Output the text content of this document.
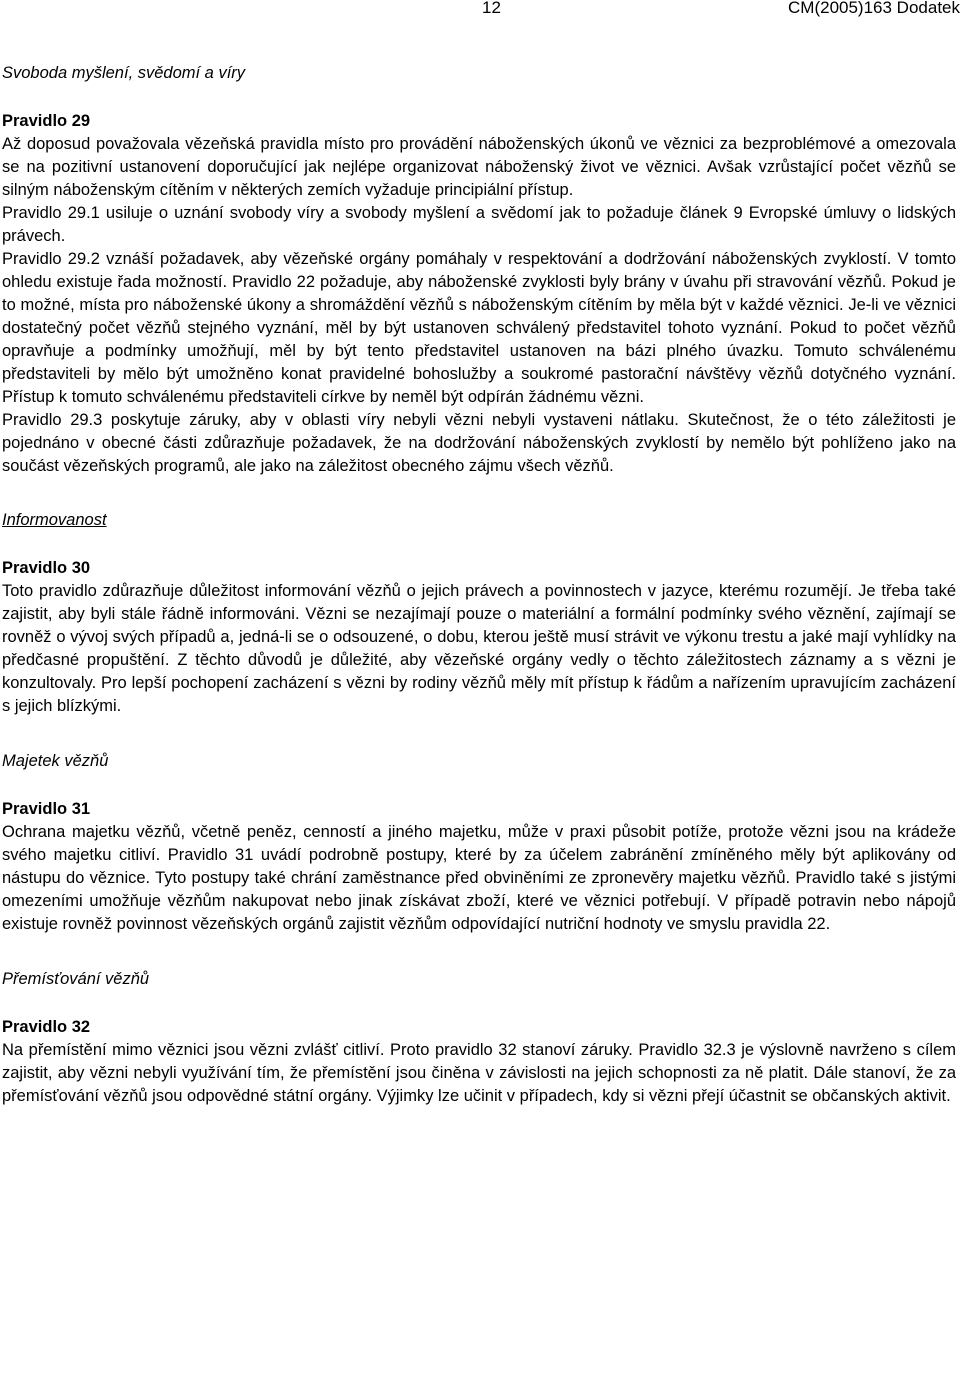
12	CM(2005)163 Dodatek
Svoboda myšlení, svědomí a víry
Pravidlo 29

Až doposud považovala vězeňská pravidla místo pro provádění náboženských úkonů ve věznici za bezproblémové a omezovala se na pozitivní ustanovení doporučující jak nejlépe organizovat náboženský život ve věznici. Avšak vzrůstající počet vězňů se silným náboženským cítěním v některých zemích vyžaduje principiální přístup.

Pravidlo 29.1 usiluje o uznání svobody víry a svobody myšlení a svědomí jak to požaduje článek 9 Evropské úmluvy o lidských právech.

Pravidlo 29.2 vznáší požadavek, aby vězeňské orgány pomáhaly v respektování a dodržování náboženských zvyklostí. V tomto ohledu existuje řada možností. Pravidlo 22 požaduje, aby náboženské zvyklosti byly brány v úvahu při stravování vězňů. Pokud je to možné, místa pro náboženské úkony a shromáždění vězňů s náboženským cítěním by měla být v každé věznici. Je-li ve věznici dostatečný počet vězňů stejného vyznání, měl by být ustanoven schválený představitel tohoto vyznání. Pokud to počet vězňů opravňuje a podmínky umožňují, měl by být tento představitel ustanoven na bázi plného úvazku. Tomuto schválenému představiteli by mělo být umožněno konat pravidelné bohoslužby a soukromé pastorační návštěvy vězňů dotyčného vyznání. Přístup k tomuto schválenému představiteli církve by neměl být odpírán žádnému vězni.

Pravidlo 29.3 poskytuje záruky, aby v oblasti víry nebyli vězni nebyli vystaveni nátlaku. Skutečnost, že o této záležitosti je pojednáno v obecné části zdůrazňuje požadavek, že na dodržování náboženských zvyklostí by nemělo být pohlíženo jako na součást vězeňských programů, ale jako na záležitost obecného zájmu všech vězňů.

Informovanost
Pravidlo 30

Toto pravidlo zdůrazňuje důležitost informování vězňů o jejich právech a povinnostech v jazyce, kterému rozumějí. Je třeba také zajistit, aby byli stále řádně informováni. Vězni se nezajímají pouze o materiální a formální podmínky svého věznění, zajímají se rovněž o vývoj svých případů a, jedná-li se o odsouzené, o dobu, kterou ještě musí strávit ve výkonu trestu a jaké mají vyhlídky na předčasné propuštění. Z těchto důvodů je důležité, aby vězeňské orgány vedly o těchto záležitostech záznamy a s vězni je konzultovaly. Pro lepší pochopení zacházení s vězni by rodiny vězňů měly mít přístup k řádům a nařízením upravujícím zacházení s jejich blízkými.

Majetek vězňů
Pravidlo 31

Ochrana majetku vězňů, včetně peněz, cenností a jiného majetku, může v praxi působit potíže, protože vězni jsou na krádeže svého majetku citliví. Pravidlo 31 uvádí podrobně postupy, které by za účelem zabránění zmíněného měly být aplikovány od nástupu do věznice. Tyto postupy také chrání zaměstnance před obviněními ze zpronevěry majetku vězňů. Pravidlo také s jistými omezeními umožňuje vězňům nakupovat nebo jinak získávat zboží, které ve věznici potřebují. V případě potravin nebo nápojů existuje rovněž povinnost vězeňských orgánů zajistit vězňům odpovídající nutriční hodnoty ve smyslu pravidla 22.

Přemísťování vězňů
Pravidlo 32

Na přemístění mimo věznici jsou vězni zvlášť citliví. Proto pravidlo 32 stanoví záruky. Pravidlo 32.3 je výslovně navrženo s cílem zajistit, aby vězni nebyli využívání tím, že přemístění jsou činěna v závislosti na jejich schopnosti za ně platit. Dále stanoví, že za přemísťování vězňů jsou odpovědné státní orgány. Výjimky lze učinit v případech, kdy si vězni přejí účastnit se občanských aktivit.
